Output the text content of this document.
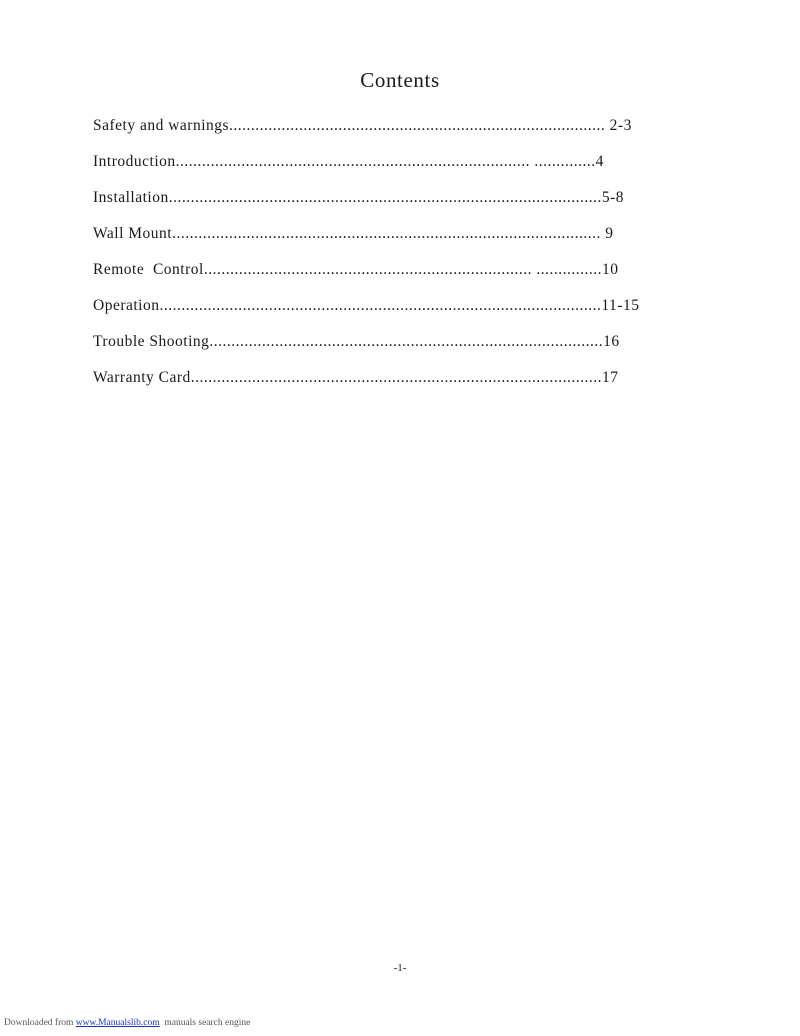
Contents
Safety and warnings...................................................................................... 2-3
Introduction................................................................................. ..............4
Installation...................................................................................................5-8
Wall Mount.................................................................................................. 9
Remote  Control........................................................................... ...............10
Operation.....................................................................................................11-15
Trouble Shooting..........................................................................................16
Warranty Card..............................................................................................17
-1-
Downloaded from www.Manualslib.com  manuals search engine
